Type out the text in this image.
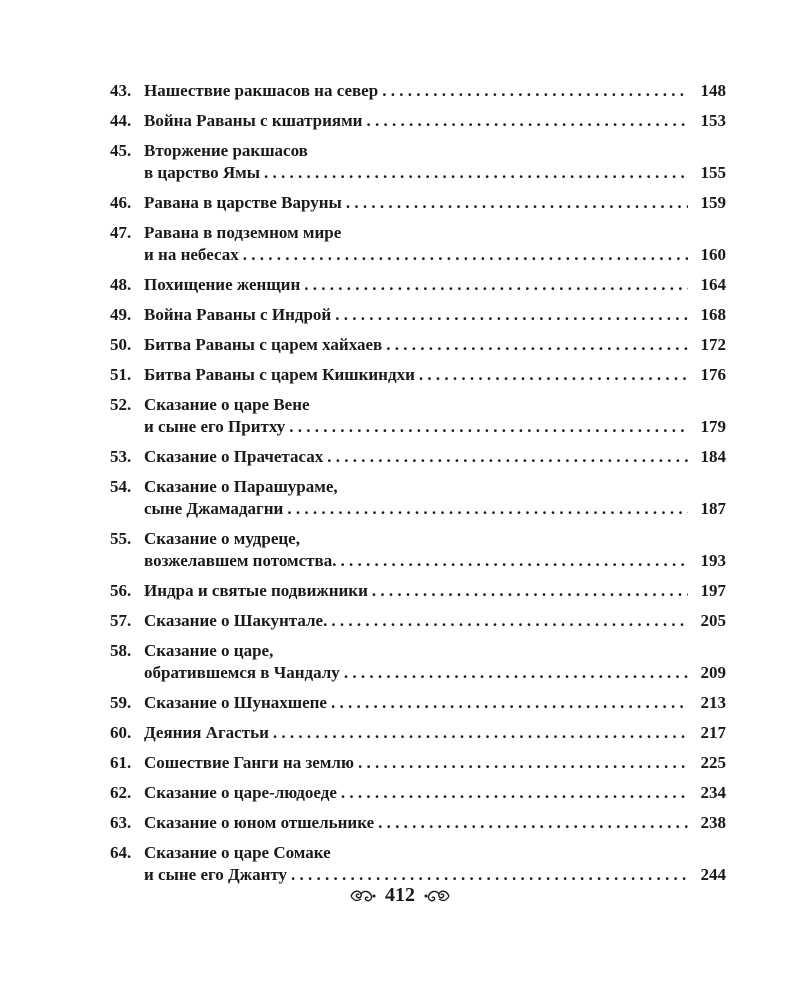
43. Нашествие ракшасов на север . . .	148
44. Война Раваны с кшатриями . . .	153
45. Вторжение ракшасов
в царство Ямы . . .	155
46. Равана в царстве Варуны . . .	159
47. Равана в подземном мире
и на небесах . . .	160
48. Похищение женщин . . .	164
49. Война Раваны с Индрой . . .	168
50. Битва Раваны с царем хайхаев . . .	172
51. Битва Раваны с царем Кишкиндхи . . .	176
52. Сказание о царе Вене
и сыне его Притху . . .	179
53. Сказание о Прачетасах . . .	184
54. Сказание о Парашураме,
сыне Джамадагни . . .	187
55. Сказание о мудреце,
возжелавшем потомства. . . .	193
56. Индра и святые подвижники . . .	197
57. Сказание о Шакунтале. . . .	205
58. Сказание о царе,
обратившемся в Чандалу . . .	209
59. Сказание о Шунахшепе . . .	213
60. Деяния Агастьи . . .	217
61. Сошествие Ганги на землю . . .	225
62. Сказание о царе-людоеде . . .	234
63. Сказание о юном отшельнике . . .	238
64. Сказание о царе Сомаке
и сыне его Джанту . . .	244
412
